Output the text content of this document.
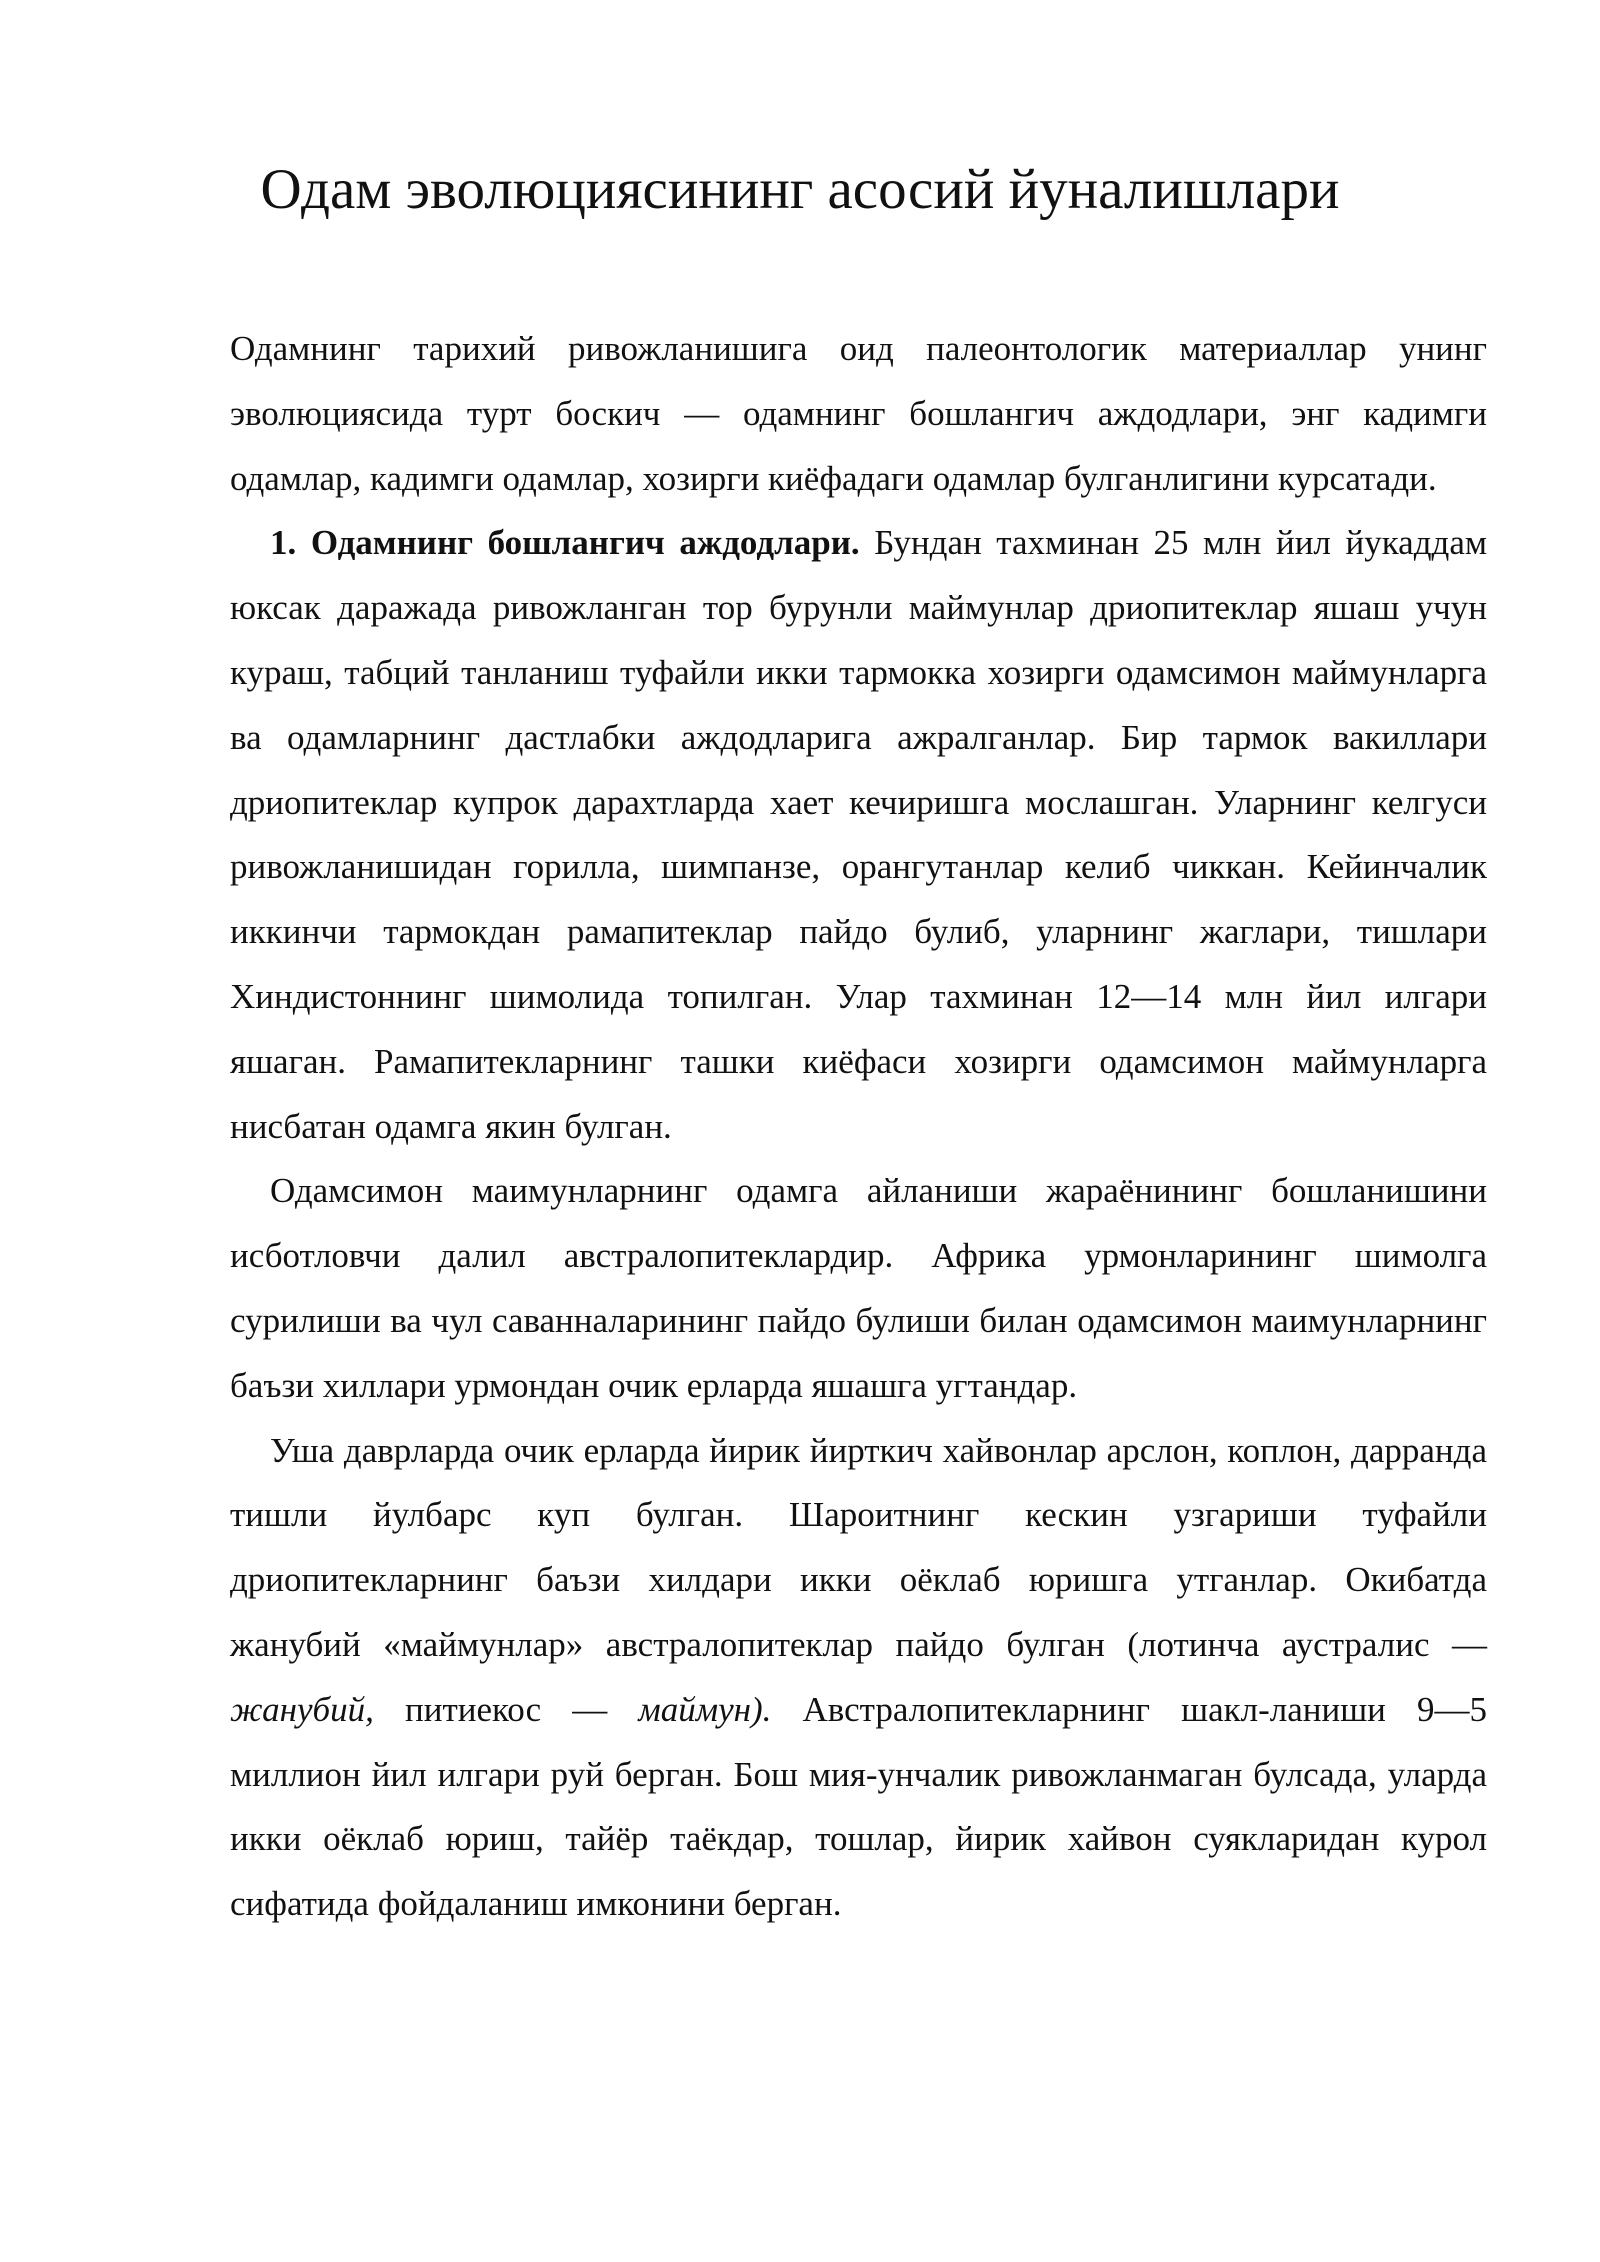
Одам эволюциясининг асосий йуналишлари

Одамнинг тарихий ривожланишига оид палеонтологик материаллар унинг эволюциясида турт боскич — одамнинг бошлангич аждодлари, энг кадимги одамлар, кадимги одамлар, хозирги киёфадаги одамлар булганлигини курсатади.

1. Одамнинг бошлангич аждодлари. Бундан тахминан 25 млн йил йукаддам юксак даражада ривожланган тор бурунли маймунлар дриопитеклар яшаш учун кураш, табций танланиш туфайли икки тармокка хозирги одамсимон маймунларга ва одамларнинг дастлабки аждодларига ажралганлар. Бир тармок вакиллари дриопитеклар купрок дарахтларда хает кечиришга мослашган. Уларнинг келгуси ривожланишидан горилла, шимпанзе, орангутанлар келиб чиккан. Кейинчалик иккинчи тармокдан рамапитеклар пайдо булиб, уларнинг жаглари, тишлари Хиндистоннинг шимолида топилган. Улар тахминан 12—14 млн йил илгари яшаган. Рамапитекларнинг ташки киёфаси хозирги одамсимон маймунларга нисбатан одамга якин булган.

Одамсимон маимунларнинг одамга айланиши жараёнининг бошланишини исботловчи далил австралопитеклардир. Африка урмонларининг шимолга сурилиши ва чул саванналарининг пайдо булиши билан одамсимон маимунларнинг баъзи хиллари урмондан очик ерларда яшашга угтандар.

Уша даврларда очик ерларда йирик йирткич хайвонлар арслон, коплон, дарранда тишли йулбарс куп булган. Шароитнинг кескин узгариши туфайли дриопитекларнинг баъзи хилдари икки оёклаб юришга утганлар. Окибатда жанубий «маймунлар» австралопитеклар пайдо булган (лотинча аустралис — жанубий, питиекос — маймун). Австралопитекларнинг шакл-ланиши 9—5 миллион йил илгари руй берган. Бош мия-унчалик ривожланмаган булсада, уларда икки оёклаб юриш, тайёр таёкдар, тошлар, йирик хайвон суякларидан курол сифатида фойдаланиш имконини берган.
